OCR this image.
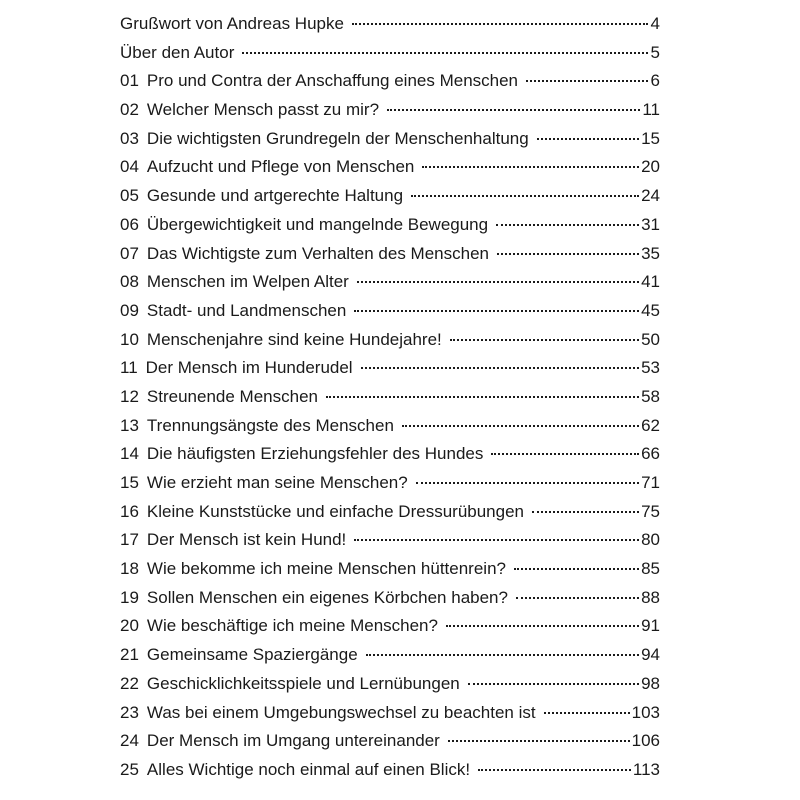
Grußwort von Andreas Hupke	4
Über den Autor	5
01 Pro und Contra der Anschaffung eines Menschen	6
02 Welcher Mensch passt zu mir?	11
03 Die wichtigsten Grundregeln der Menschenhaltung	15
04 Aufzucht und Pflege von Menschen	20
05 Gesunde und artgerechte Haltung	24
06 Übergewichtigkeit und mangelnde Bewegung	31
07 Das Wichtigste zum Verhalten des Menschen	35
08 Menschen im Welpen Alter	41
09 Stadt- und Landmenschen	45
10 Menschenjahre sind keine Hundejahre!	50
11 Der Mensch im Hunderudel	53
12 Streunende Menschen	58
13 Trennungsängste des Menschen	62
14 Die häufigsten Erziehungsfehler des Hundes	66
15 Wie erzieht man seine Menschen?	71
16 Kleine Kunststücke und einfache Dressurübungen	75
17 Der Mensch ist kein Hund!	80
18 Wie bekomme ich meine Menschen hüttenrein?	85
19 Sollen Menschen ein eigenes Körbchen haben?	88
20 Wie beschäftige ich meine Menschen?	91
21 Gemeinsame Spaziergänge	94
22 Geschicklichkeitsspiele und Lernübungen	98
23 Was bei einem Umgebungswechsel zu beachten ist	103
24 Der Mensch im Umgang untereinander	106
25 Alles Wichtige noch einmal auf einen Blick!	113
